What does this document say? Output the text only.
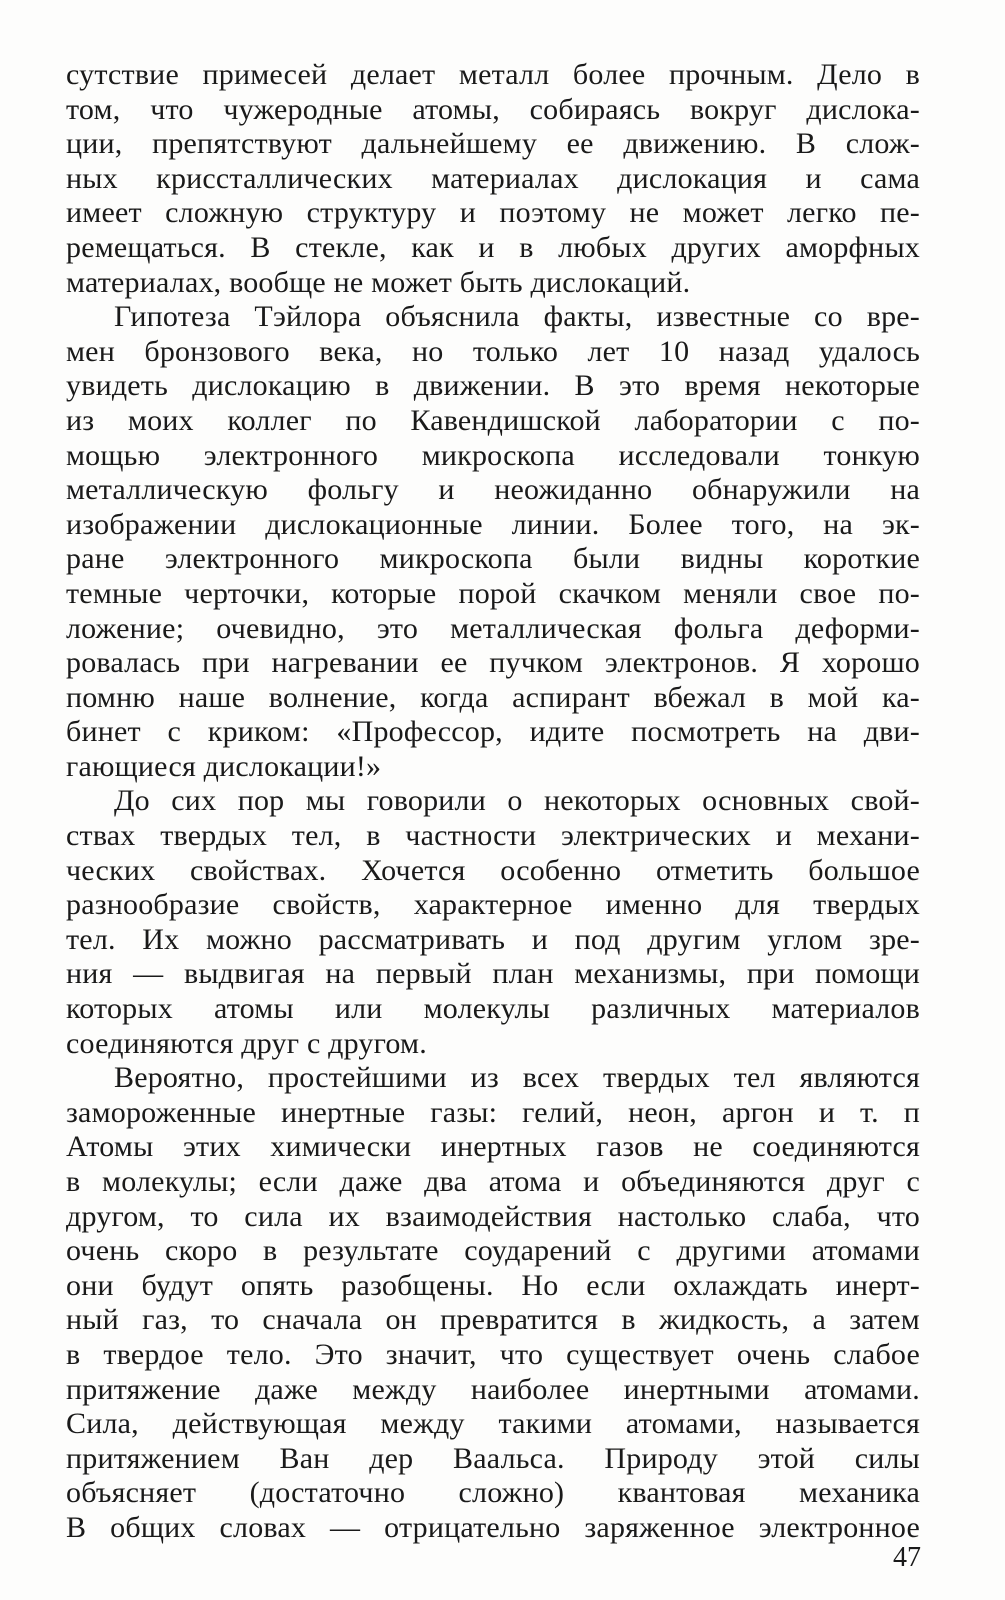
сутствие примесей делает металл более прочным. Дело в
том, что чужеродные атомы, собираясь вокруг дислока-
ции, препятствуют дальнейшему ее движению. В слож-
ных криссталлических материалах дислокация и сама
имеет сложную структуру и поэтому не может легко пе-
ремещаться. В стекле, как и в любых других аморфных
материалах, вообще не может быть дислокаций.
Гипотеза Тэйлора объяснила факты, известные со вре-
мен бронзового века, но только лет 10 назад удалось
увидеть дислокацию в движении. В это время некоторые
из моих коллег по Кавендишской лаборатории с по-
мощью электронного микроскопа исследовали тонкую
металлическую фольгу и неожиданно обнаружили на
изображении дислокационные линии. Более того, на эк-
ране электронного микроскопа были видны короткие
темные черточки, которые порой скачком меняли свое по-
ложение; очевидно, это металлическая фольга деформи-
ровалась при нагревании ее пучком электронов. Я хорошо
помню наше волнение, когда аспирант вбежал в мой ка-
бинет с криком: «Профессор, идите посмотреть на дви-
гающиеся дислокации!»
До сих пор мы говорили о некоторых основных свой-
ствах твердых тел, в частности электрических и механи-
ческих свойствах. Хочется особенно отметить большое
разнообразие свойств, характерное именно для твердых
тел. Их можно рассматривать и под другим углом зре-
ния — выдвигая на первый план механизмы, при помощи
которых атомы или молекулы различных материалов
соединяются друг с другом.
Вероятно, простейшими из всех твердых тел являются
замороженные инертные газы: гелий, неон, аргон и т. п
Атомы этих химически инертных газов не соединяются
в молекулы; если даже два атома и объединяются друг с
другом, то сила их взаимодействия настолько слаба, что
очень скоро в результате соударений с другими атомами
они будут опять разобщены. Но если охлаждать инерт-
ный газ, то сначала он превратится в жидкость, а затем
в твердое тело. Это значит, что существует очень слабое
притяжение даже между наиболее инертными атомами.
Сила, действующая между такими атомами, называется
притяжением Ван дер Ваальса. Природу этой силы
объясняет (достаточно сложно) квантовая механика
В общих словах — отрицательно заряженное электронное
47
